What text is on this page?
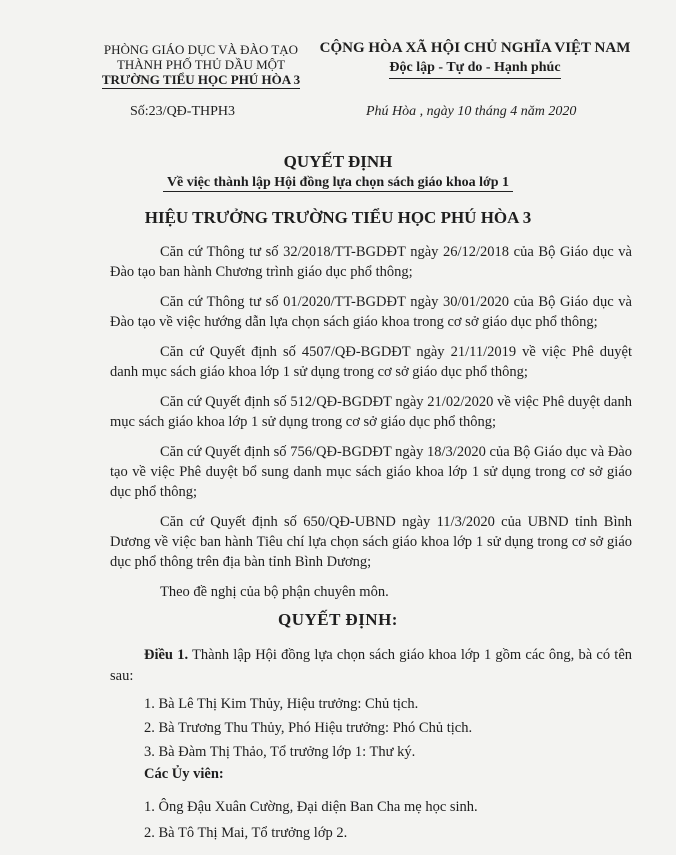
PHÒNG GIÁO DỤC VÀ ĐÀO TẠO
THÀNH PHỐ THỦ DẦU MỘT
TRƯỜNG TIỂU HỌC PHÚ HÒA 3
CỘNG HÒA XÃ HỘI CHỦ NGHĨA VIỆT NAM
Độc lập - Tự do - Hạnh phúc
Số:23/QĐ-THPH3	Phú Hòa , ngày 10 tháng 4 năm 2020
QUYẾT ĐỊNH
Về việc thành lập Hội đồng lựa chọn sách giáo khoa lớp 1
HIỆU TRƯỞNG TRƯỜNG TIỂU HỌC PHÚ HÒA 3

Căn cứ Thông tư số 32/2018/TT-BGDĐT ngày 26/12/2018 của Bộ Giáo dục và Đào tạo ban hành Chương trình giáo dục phổ thông;

Căn cứ Thông tư số 01/2020/TT-BGDĐT ngày 30/01/2020 của Bộ Giáo dục và Đào tạo về việc hướng dẫn lựa chọn sách giáo khoa trong cơ sở giáo dục phổ thông;

Căn cứ Quyết định số 4507/QĐ-BGDĐT ngày 21/11/2019 về việc Phê duyệt danh mục sách giáo khoa lớp 1 sử dụng trong cơ sở giáo dục phổ thông;

Căn cứ Quyết định số 512/QĐ-BGDĐT ngày 21/02/2020 về việc Phê duyệt danh mục sách giáo khoa lớp 1 sử dụng trong cơ sở giáo dục phổ thông;

Căn cứ Quyết định số 756/QĐ-BGDĐT ngày 18/3/2020 của Bộ Giáo dục và Đào tạo về việc Phê duyệt bổ sung danh mục sách giáo khoa lớp 1 sử dụng trong cơ sở giáo dục phổ thông;

Căn cứ Quyết định số 650/QĐ-UBND ngày 11/3/2020 của UBND tỉnh Bình Dương về việc ban hành Tiêu chí lựa chọn sách giáo khoa lớp 1 sử dụng trong cơ sở giáo dục phổ thông trên địa bàn tỉnh Bình Dương;

Theo đề nghị của bộ phận chuyên môn.

QUYẾT ĐỊNH:
Điều 1. Thành lập Hội đồng lựa chọn sách giáo khoa lớp 1 gồm các ông, bà có tên sau:
1. Bà Lê Thị Kim Thủy, Hiệu trưởng: Chủ tịch.
2. Bà Trương Thu Thủy, Phó Hiệu trưởng: Phó Chủ tịch.
3. Bà Đàm Thị Thảo, Tổ trưởng lớp 1: Thư ký.
Các Ủy viên:
1. Ông Đậu Xuân Cường, Đại diện Ban Cha mẹ học sinh.
2. Bà Tô Thị Mai, Tổ trưởng lớp 2.
